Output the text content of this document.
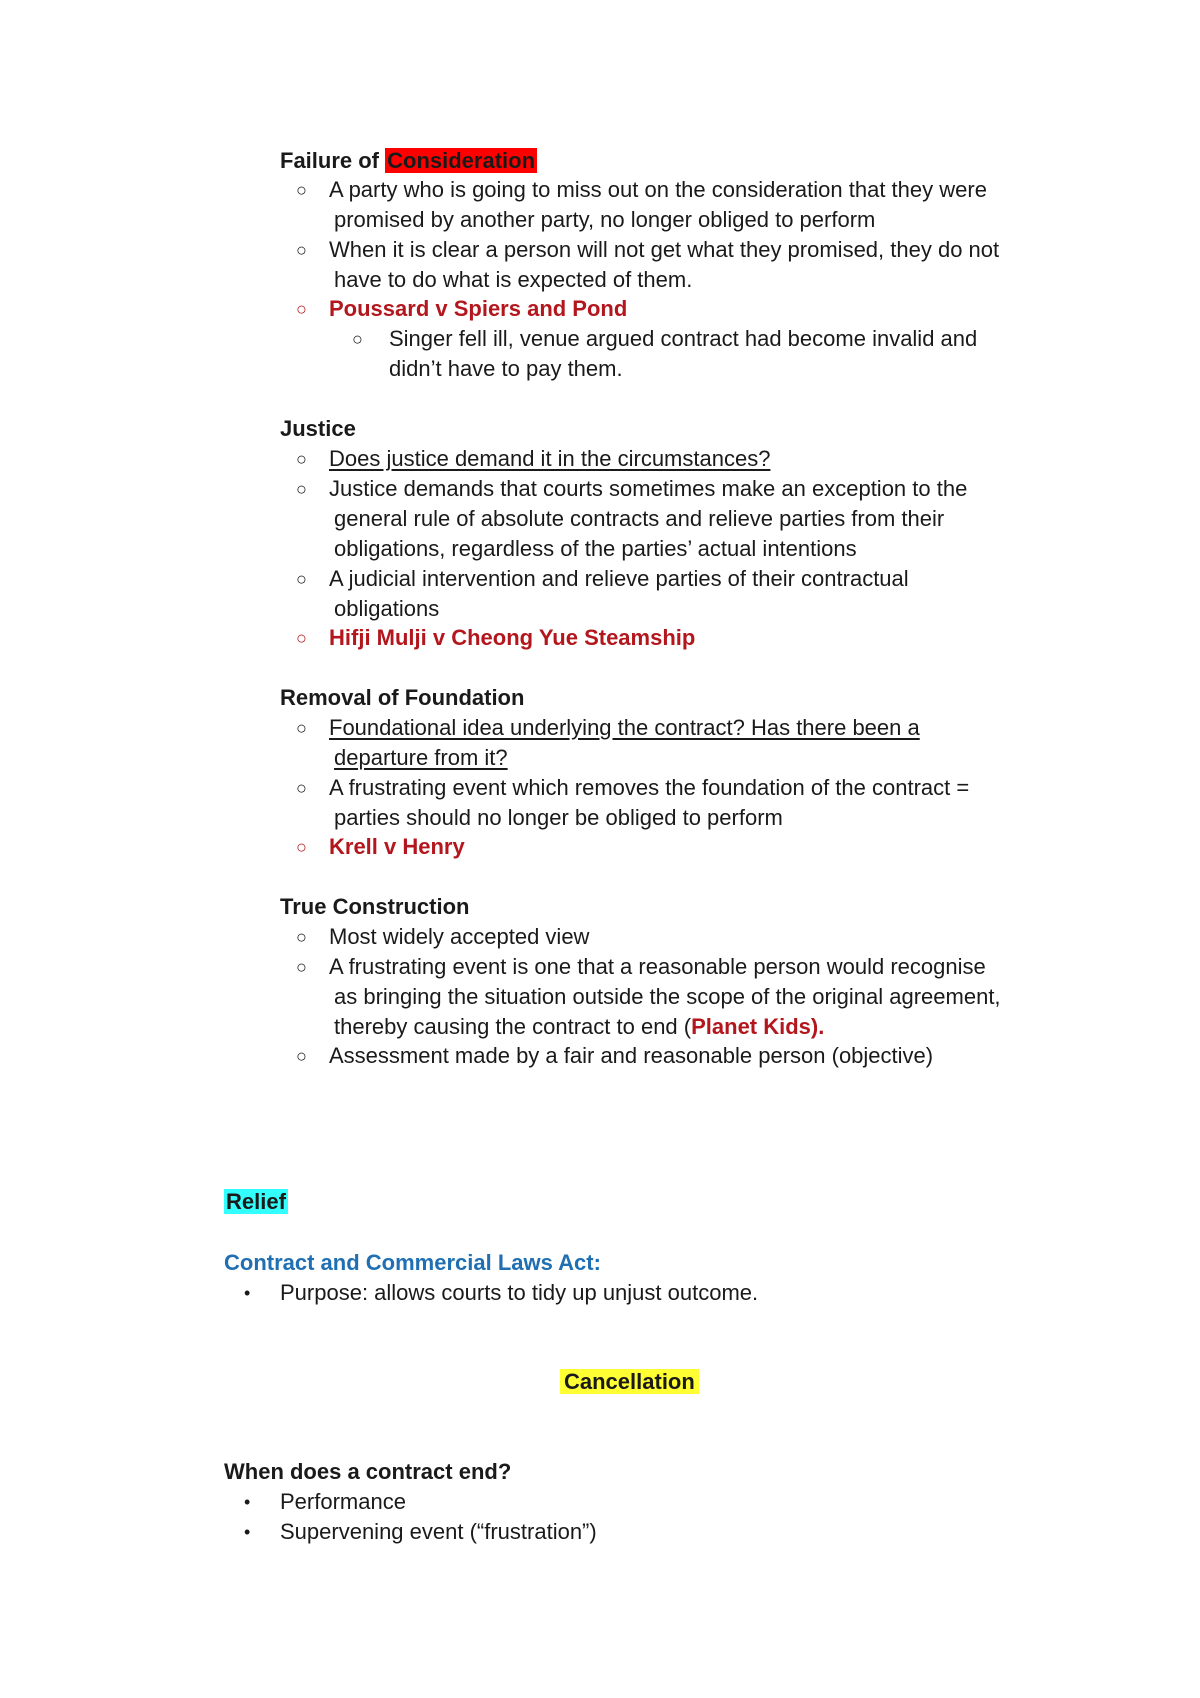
Failure of Consideration
○ A party who is going to miss out on the consideration that they were
promised by another party, no longer obliged to perform
○ When it is clear a person will not get what they promised, they do not
have to do what is expected of them.
○ Poussard v Spiers and Pond
○ Singer fell ill, venue argued contract had become invalid and
didn’t have to pay them.
Justice
○ Does justice demand it in the circumstances?
○ Justice demands that courts sometimes make an exception to the
general rule of absolute contracts and relieve parties from their
obligations, regardless of the parties’ actual intentions
○ A judicial intervention and relieve parties of their contractual
obligations
○ Hifji Mulji v Cheong Yue Steamship
Removal of Foundation
○ Foundational idea underlying the contract? Has there been a
departure from it?
○ A frustrating event which removes the foundation of the contract =
parties should no longer be obliged to perform
○ Krell v Henry
True Construction
○ Most widely accepted view
○ A frustrating event is one that a reasonable person would recognise
as bringing the situation outside the scope of the original agreement,
thereby causing the contract to end (Planet Kids).
○ Assessment made by a fair and reasonable person (objective)
Relief
Contract and Commercial Laws Act:
• Purpose: allows courts to tidy up unjust outcome.
Cancellation
When does a contract end?
• Performance
• Supervening event (“frustration”)
